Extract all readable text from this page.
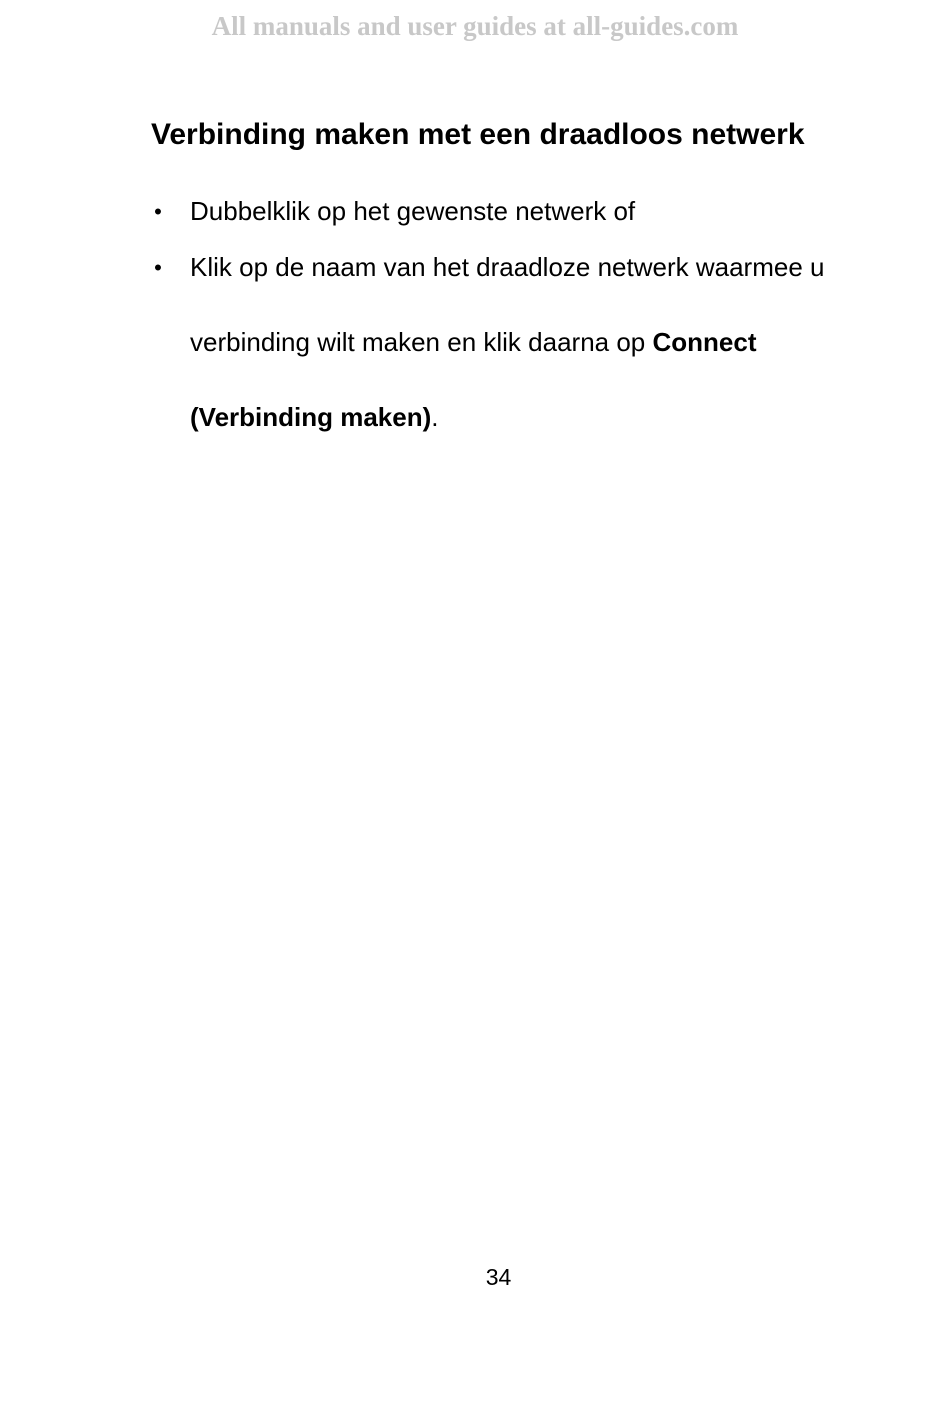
All manuals and user guides at all-guides.com
Verbinding maken met een draadloos netwerk
• Dubbelklik op het gewenste netwerk of
• Klik op de naam van het draadloze netwerk waarmee u verbinding wilt maken en klik daarna op Connect (Verbinding maken).
34
